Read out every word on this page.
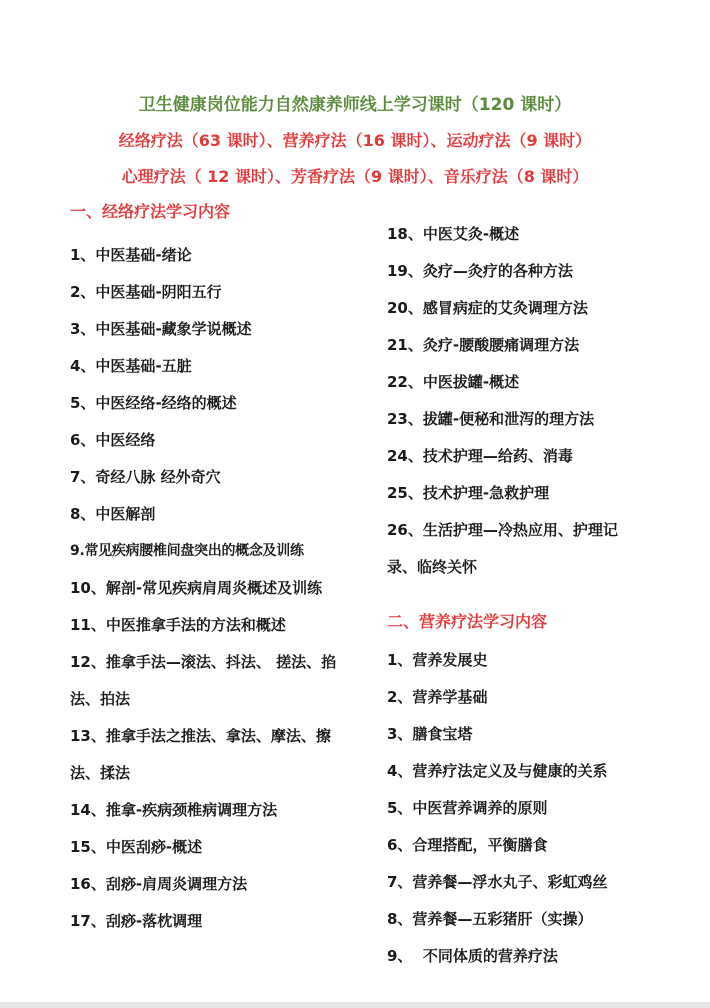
卫生健康岗位能力自然康养师线上学习课时（120 课时）
经络疗法（63 课时）、营养疗法（16 课时）、运动疗法（9 课时）
心理疗法（ 12 课时）、芳香疗法（9 课时）、音乐疗法（8 课时）
一、经络疗法学习内容
1、中医基础-绪论
2、中医基础-阴阳五行
3、中医基础-藏象学说概述
4、中医基础-五脏
5、中医经络-经络的概述
6、中医经络
7、奇经八脉 经外奇穴
8、中医解剖
9.常见疾病腰椎间盘突出的概念及训练
10、解剖-常见疾病肩周炎概述及训练
11、中医推拿手法的方法和概述
12、推拿手法—滚法、抖法、 搓法、掐法、拍法
13、推拿手法之推法、拿法、摩法、擦法、揉法
14、推拿-疾病颈椎病调理方法
15、中医刮痧-概述
16、刮痧-肩周炎调理方法
17、刮痧-落枕调理
18、中医艾灸-概述
19、灸疗—灸疗的各种方法
20、感冒病症的艾灸调理方法
21、灸疗-腰酸腰痛调理方法
22、中医拔罐-概述
23、拔罐-便秘和泄泻的理方法
24、技术护理—给药、消毒
25、技术护理-急救护理
26、生活护理—冷热应用、护理记录、临终关怀
二、营养疗法学习内容
1、营养发展史
2、营养学基础
3、膳食宝塔
4、营养疗法定义及与健康的关系
5、中医营养调养的原则
6、合理搭配，平衡膳食
7、营养餐—浮水丸子、彩虹鸡丝
8、营养餐—五彩猪肝（实操）
9、  不同体质的营养疗法
